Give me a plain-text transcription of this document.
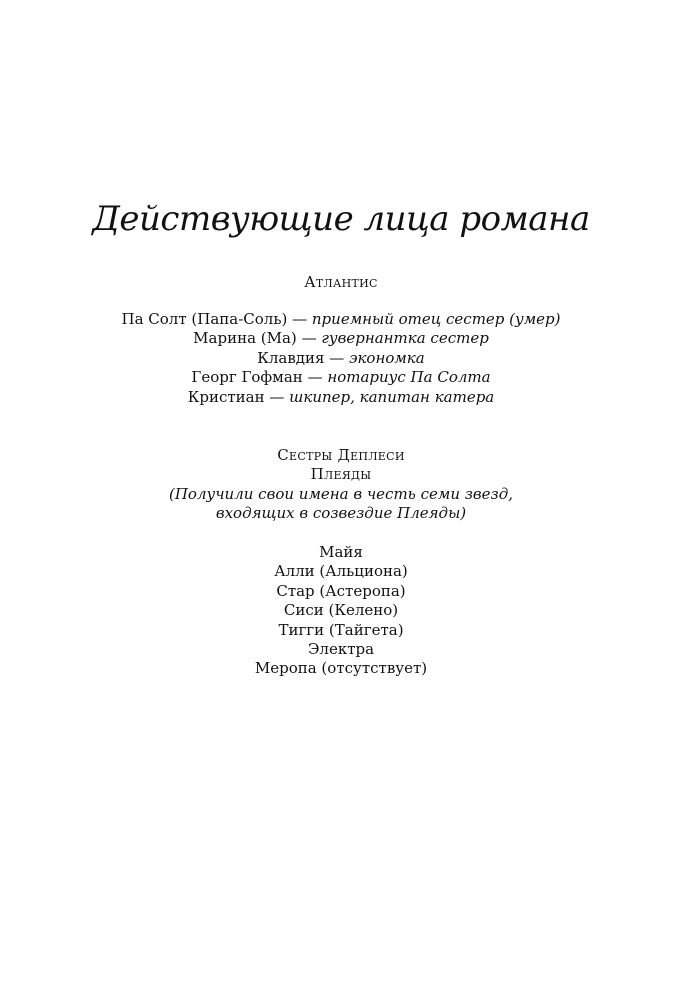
Действующие лица романа
Атлантис
Па Солт (Папа-Соль) — приемный отец сестер (умер)
Марина (Ма) — гувернантка сестер
Клавдия — экономка
Георг Гофман — нотариус Па Солта
Кристиан — шкипер, капитан катера
Сестры Деплеси
Плеяды
(Получили свои имена в честь семи звезд,
входящих в созвездие Плеяды)
Майя
Алли (Альциона)
Стар (Астеропа)
Сиси (Келено)
Тигги (Тайгета)
Электра
Меропа (отсутствует)
